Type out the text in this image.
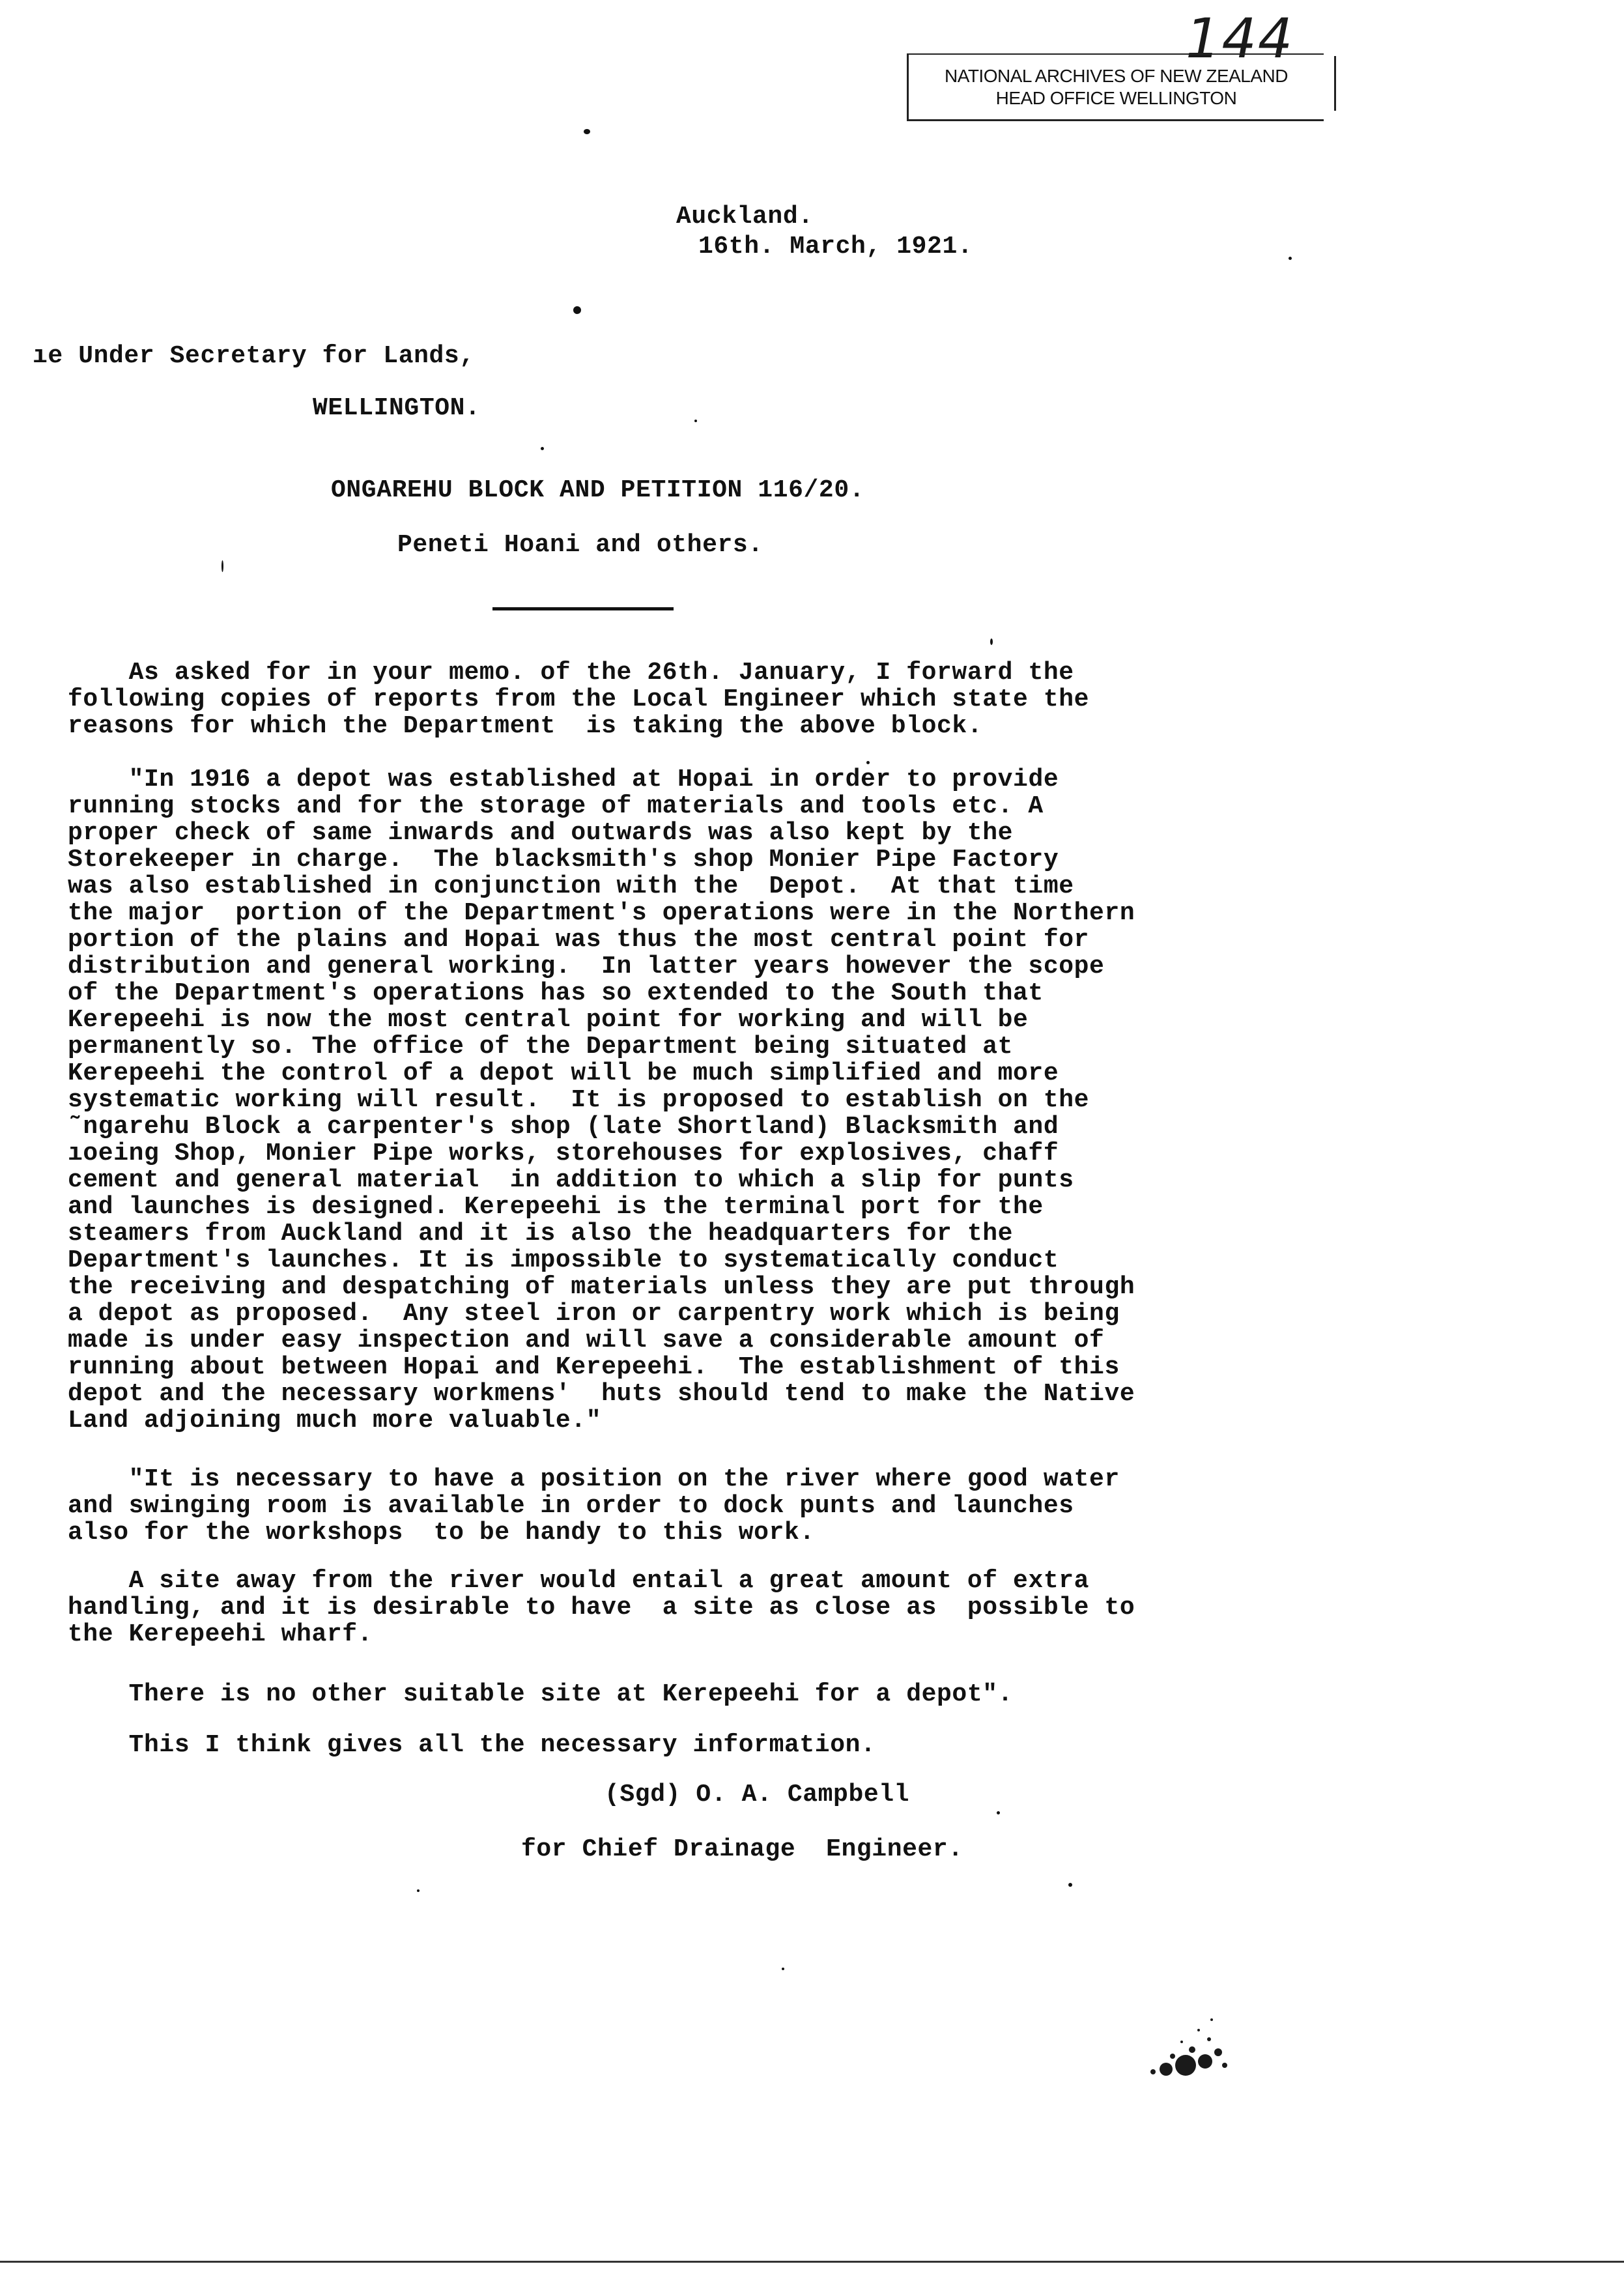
144
NATIONAL ARCHIVES OF NEW ZEALAND
HEAD OFFICE WELLINGTON
Auckland.
16th. March, 1921.
ıe Under Secretary for Lands,
WELLINGTON.
ONGAREHU BLOCK AND PETITION 116/20.
Peneti Hoani and others.
As asked for in your memo. of the 26th. January, I forward the
following copies of reports from the Local Engineer which state the
reasons for which the Department  is taking the above block.
"In 1916 a depot was established at Hopai in order to provide
running stocks and for the storage of materials and tools etc. A
proper check of same inwards and outwards was also kept by the
Storekeeper in charge.  The blacksmith's shop Monier Pipe Factory
was also established in conjunction with the  Depot.  At that time
the major  portion of the Department's operations were in the Northern
portion of the plains and Hopai was thus the most central point for
distribution and general working.  In latter years however the scope
of the Department's operations has so extended to the South that
Kerepeehi is now the most central point for working and will be
permanently so. The office of the Department being situated at
Kerepeehi the control of a depot will be much simplified and more
systematic working will result.  It is proposed to establish on the
˜ngarehu Block a carpenter's shop (late Shortland) Blacksmith and
ıoeing Shop, Monier Pipe works, storehouses for explosives, chaff
cement and general material  in addition to which a slip for punts
and launches is designed. Kerepeehi is the terminal port for the
steamers from Auckland and it is also the headquarters for the
Department's launches. It is impossible to systematically conduct
the receiving and despatching of materials unless they are put through
a depot as proposed.  Any steel iron or carpentry work which is being
made is under easy inspection and will save a considerable amount of
running about between Hopai and Kerepeehi.  The establishment of this
depot and the necessary workmens'  huts should tend to make the Native
Land adjoining much more valuable."
"It is necessary to have a position on the river where good water
and swinging room is available in order to dock punts and launches
also for the workshops  to be handy to this work.
A site away from the river would entail a great amount of extra
handling, and it is desirable to have  a site as close as  possible to
the Kerepeehi wharf.
There is no other suitable site at Kerepeehi for a depot".
This I think gives all the necessary information.
(Sgd) O. A. Campbell
for Chief Drainage  Engineer.
